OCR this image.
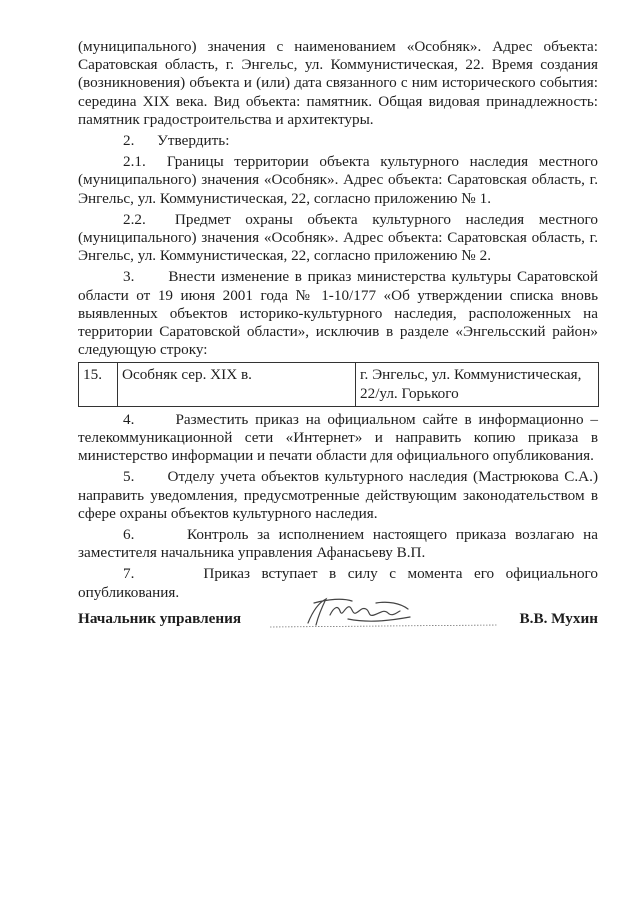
(муниципального) значения с наименованием «Особняк». Адрес объекта: Саратовская область, г. Энгельс, ул. Коммунистическая, 22. Время создания (возникновения) объекта и (или) дата связанного с ним исторического события: середина XIX века. Вид объекта: памятник. Общая видовая принадлежность: памятник градостроительства и архитектуры.

2.      Утвердить:

2.1.  Границы территории объекта культурного наследия местного (муниципального) значения «Особняк». Адрес объекта: Саратовская область, г. Энгельс, ул. Коммунистическая, 22, согласно приложению № 1.

2.2.  Предмет охраны объекта культурного наследия местного (муниципального) значения «Особняк». Адрес объекта: Саратовская область, г. Энгельс, ул. Коммунистическая, 22, согласно приложению № 2.

3.      Внести изменение в приказ министерства культуры Саратовской области от 19 июня 2001 года № 1-10/177 «Об утверждении списка вновь выявленных объектов историко-культурного наследия, расположенных на территории Саратовской области», исключив в разделе «Энгельсский район» следующую строку:

15.	Особняк сер. XIX в.	г. Энгельс, ул. Коммунистическая, 22/ул. Горького

4.      Разместить приказ на официальном сайте в информационно – телекоммуникационной сети «Интернет» и направить копию приказа в министерство информации и печати области для официального опубликования.

5.      Отделу учета объектов культурного наследия (Мастрюкова С.А.) направить уведомления, предусмотренные действующим законодательством в сфере охраны объектов культурного наследия.

6.      Контроль за исполнением настоящего приказа возлагаю на заместителя начальника управления Афанасьеву В.П.

7.      Приказ вступает в силу с момента его официального опубликования.

Начальник управления	В.В. Мухин
